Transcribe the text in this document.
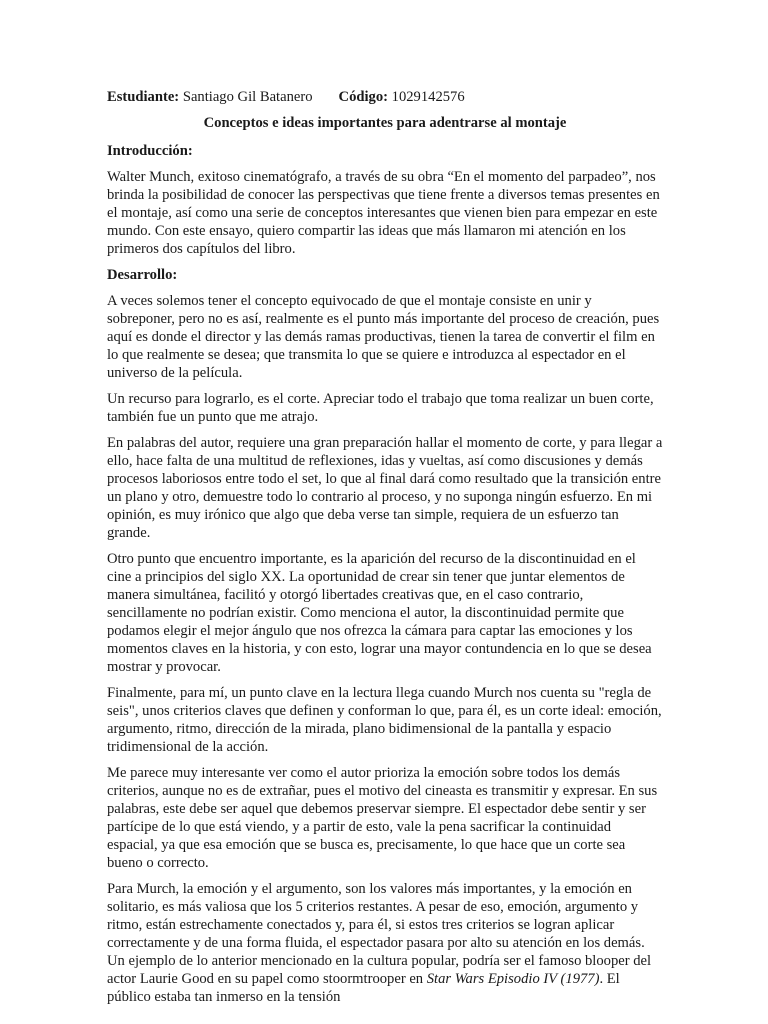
Estudiante: Santiago Gil Batanero Código: 1029142576
Conceptos e ideas importantes para adentrarse al montaje
Introducción:

Walter Munch, exitoso cinematógrafo, a través de su obra “En el momento del parpadeo”, nos brinda la posibilidad de conocer las perspectivas que tiene frente a diversos temas presentes en el montaje, así como una serie de conceptos interesantes que vienen bien para empezar en este mundo. Con este ensayo, quiero compartir las ideas que más llamaron mi atención en los primeros dos capítulos del libro.

Desarrollo:

A veces solemos tener el concepto equivocado de que el montaje consiste en unir y sobreponer, pero no es así, realmente es el punto más importante del proceso de creación, pues aquí es donde el director y las demás ramas productivas, tienen la tarea de convertir el film en lo que realmente se desea; que transmita lo que se quiere e introduzca al espectador en el universo de la película.

Un recurso para lograrlo, es el corte. Apreciar todo el trabajo que toma realizar un buen corte, también fue un punto que me atrajo.

En palabras del autor, requiere una gran preparación hallar el momento de corte, y para llegar a ello, hace falta de una multitud de reflexiones, idas y vueltas, así como discusiones y demás procesos laboriosos entre todo el set, lo que al final dará como resultado que la transición entre un plano y otro, demuestre todo lo contrario al proceso, y no suponga ningún esfuerzo. En mi opinión, es muy irónico que algo que deba verse tan simple, requiera de un esfuerzo tan grande.

Otro punto que encuentro importante, es la aparición del recurso de la discontinuidad en el cine a principios del siglo XX. La oportunidad de crear sin tener que juntar elementos de manera simultánea, facilitó y otorgó libertades creativas que, en el caso contrario, sencillamente no podrían existir. Como menciona el autor, la discontinuidad permite que podamos elegir el mejor ángulo que nos ofrezca la cámara para captar las emociones y los momentos claves en la historia, y con esto, lograr una mayor contundencia en lo que se desea mostrar y provocar.

Finalmente, para mí, un punto clave en la lectura llega cuando Murch nos cuenta su "regla de seis", unos criterios claves que definen y conforman lo que, para él, es un corte ideal: emoción, argumento, ritmo, dirección de la mirada, plano bidimensional de la pantalla y espacio tridimensional de la acción.

Me parece muy interesante ver como el autor prioriza la emoción sobre todos los demás criterios, aunque no es de extrañar, pues el motivo del cineasta es transmitir y expresar. En sus palabras, este debe ser aquel que debemos preservar siempre. El espectador debe sentir y ser partícipe de lo que está viendo, y a partir de esto, vale la pena sacrificar la continuidad espacial, ya que esa emoción que se busca es, precisamente, lo que hace que un corte sea bueno o correcto.

Para Murch, la emoción y el argumento, son los valores más importantes, y la emoción en solitario, es más valiosa que los 5 criterios restantes. A pesar de eso, emoción, argumento y ritmo, están estrechamente conectados y, para él, si estos tres criterios se logran aplicar correctamente y de una forma fluida, el espectador pasara por alto su atención en los demás. Un ejemplo de lo anterior mencionado en la cultura popular, podría ser el famoso blooper del actor Laurie Good en su papel como stoormtrooper en Star Wars Episodio IV (1977). El público estaba tan inmerso en la tensión
